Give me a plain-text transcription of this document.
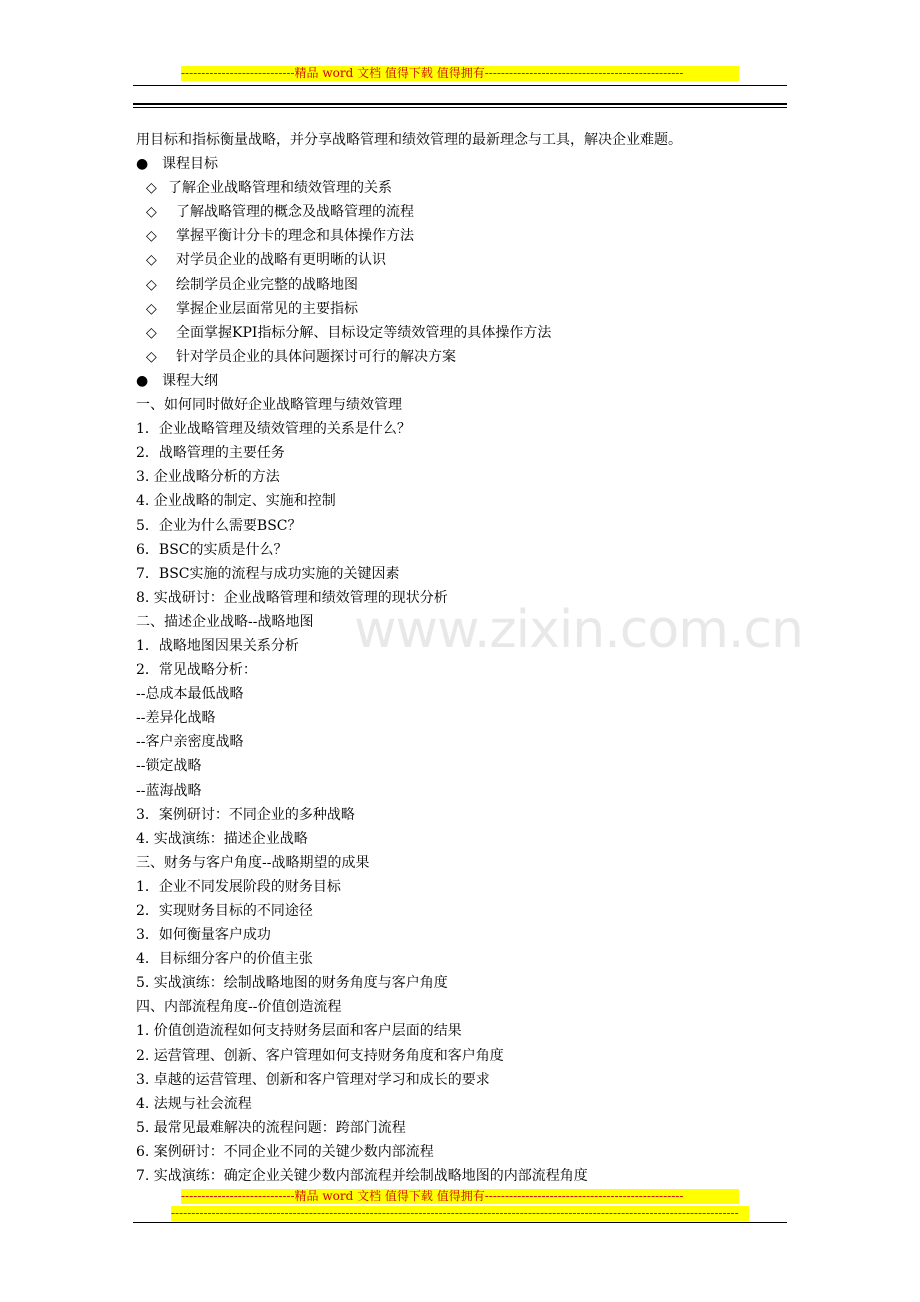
----------------------------精品 word 文档 值得下载 值得拥有-------------------------------------------------
www.zixin.com.cn
用目标和指标衡量战略，并分享战略管理和绩效管理的最新理念与工具，解决企业难题。
● 课程目标
◇ 了解企业战略管理和绩效管理的关系
◇ 了解战略管理的概念及战略管理的流程
◇ 掌握平衡计分卡的理念和具体操作方法
◇ 对学员企业的战略有更明晰的认识
◇ 绘制学员企业完整的战略地图
◇ 掌握企业层面常见的主要指标
◇ 全面掌握KPI指标分解、目标设定等绩效管理的具体操作方法
◇ 针对学员企业的具体问题探讨可行的解决方案
● 课程大纲
一、如何同时做好企业战略管理与绩效管理
1．企业战略管理及绩效管理的关系是什么？
2．战略管理的主要任务
3. 企业战略分析的方法
4. 企业战略的制定、实施和控制
5．企业为什么需要BSC？
6．BSC的实质是什么？
7．BSC实施的流程与成功实施的关键因素
8. 实战研讨：企业战略管理和绩效管理的现状分析
二、描述企业战略--战略地图
1．战略地图因果关系分析
2．常见战略分析：
--总成本最低战略
--差异化战略
--客户亲密度战略
--锁定战略
--蓝海战略
3．案例研讨：不同企业的多种战略
4. 实战演练：描述企业战略
三、财务与客户角度--战略期望的成果
1．企业不同发展阶段的财务目标
2．实现财务目标的不同途径
3．如何衡量客户成功
4．目标细分客户的价值主张
5. 实战演练：绘制战略地图的财务角度与客户角度
四、内部流程角度--价值创造流程
1. 价值创造流程如何支持财务层面和客户层面的结果
2. 运营管理、创新、客户管理如何支持财务角度和客户角度
3. 卓越的运营管理、创新和客户管理对学习和成长的要求
4. 法规与社会流程
5. 最常见最难解决的流程问题：跨部门流程
6. 案例研讨：不同企业不同的关键少数内部流程
7. 实战演练：确定企业关键少数内部流程并绘制战略地图的内部流程角度
----------------------------精品 word 文档 值得下载 值得拥有-------------------------------------------------
--------------------------------------------------------------------------------------------------------------------------------------------
